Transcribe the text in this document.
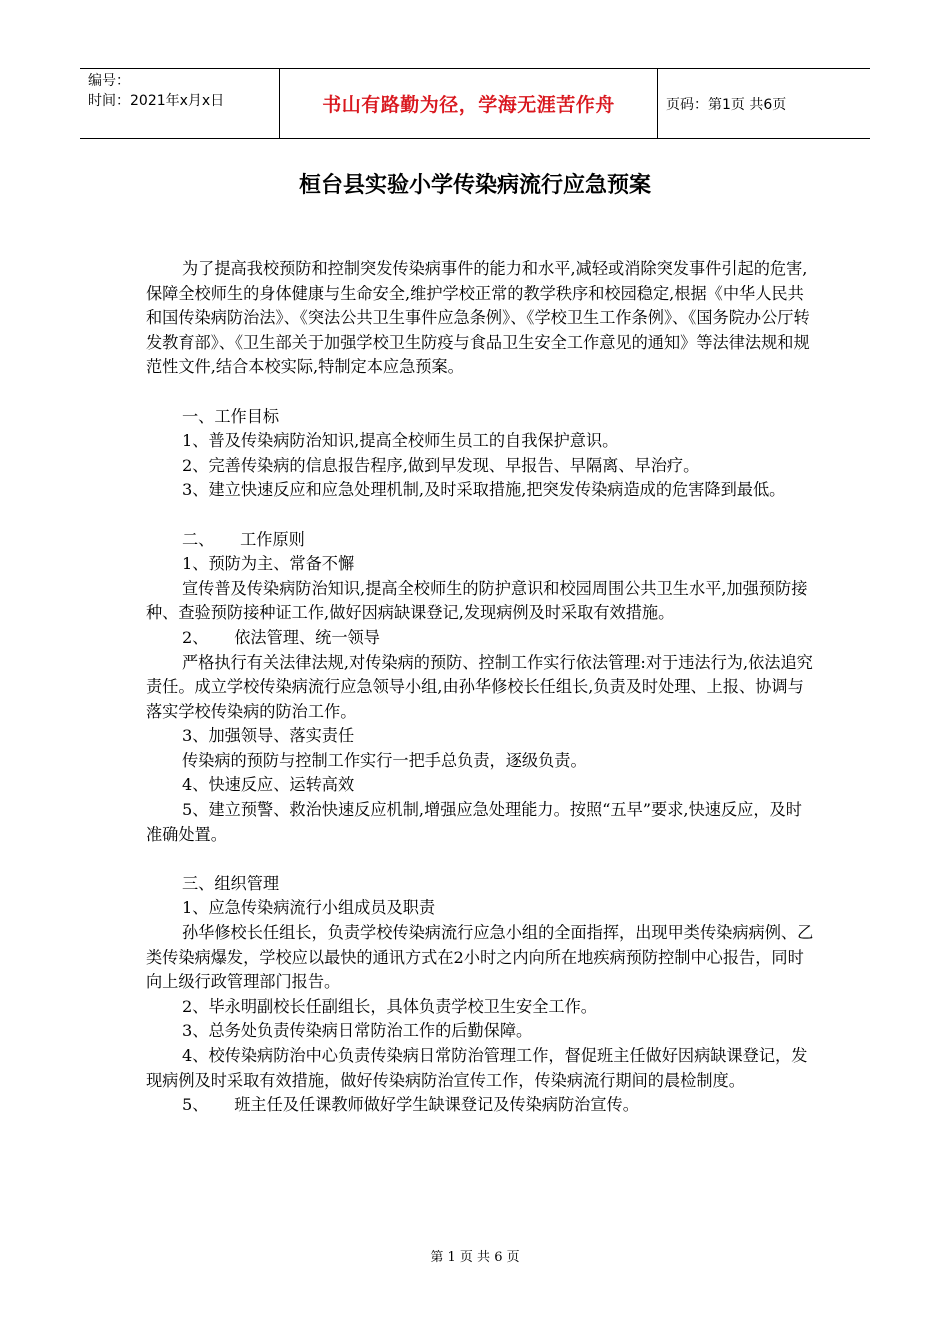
编号：
时间：2021年x月x日	书山有路勤为径，学海无涯苦作舟	页码：第1页 共6页
桓台县实验小学传染病流行应急预案

为了提高我校预防和控制突发传染病事件的能力和水平,减轻或消除突发事件引起的危害,保障全校师生的身体健康与生命安全,维护学校正常的教学秩序和校园稳定,根据《中华人民共和国传染病防治法》、《突法公共卫生事件应急条例》、《学校卫生工作条例》、《国务院办公厅转发教育部》、《卫生部关于加强学校卫生防疫与食品卫生安全工作意见的通知》等法律法规和规范性文件,结合本校实际,特制定本应急预案。

一、工作目标

1、普及传染病防治知识,提高全校师生员工的自我保护意识。

2、完善传染病的信息报告程序,做到早发现、早报告、早隔离、早治疗。

3、建立快速反应和应急处理机制,及时采取措施,把突发传染病造成的危害降到最低。

二、     工作原则

1、预防为主、常备不懈

宣传普及传染病防治知识,提高全校师生的防护意识和校园周围公共卫生水平,加强预防接种、查验预防接种证工作,做好因病缺课登记,发现病例及时采取有效措施。

2、     依法管理、统一领导

严格执行有关法律法规,对传染病的预防、控制工作实行依法管理:对于违法行为,依法追究责任。成立学校传染病流行应急领导小组,由孙华修校长任组长,负责及时处理、上报、协调与落实学校传染病的防治工作。

3、加强领导、落实责任

传染病的预防与控制工作实行一把手总负责，逐级负责。

4、快速反应、运转高效

5、建立预警、救治快速反应机制,增强应急处理能力。按照“五早”要求,快速反应，及时准确处置。

三、组织管理

1、应急传染病流行小组成员及职责

孙华修校长任组长，负责学校传染病流行应急小组的全面指挥，出现甲类传染病病例、乙类传染病爆发，学校应以最快的通讯方式在2小时之内向所在地疾病预防控制中心报告，同时向上级行政管理部门报告。

2、毕永明副校长任副组长，具体负责学校卫生安全工作。

3、总务处负责传染病日常防治工作的后勤保障。

4、校传染病防治中心负责传染病日常防治管理工作，督促班主任做好因病缺课登记，发现病例及时采取有效措施，做好传染病防治宣传工作，传染病流行期间的晨检制度。

5、     班主任及任课教师做好学生缺课登记及传染病防治宣传。

第 1 页 共 6 页
